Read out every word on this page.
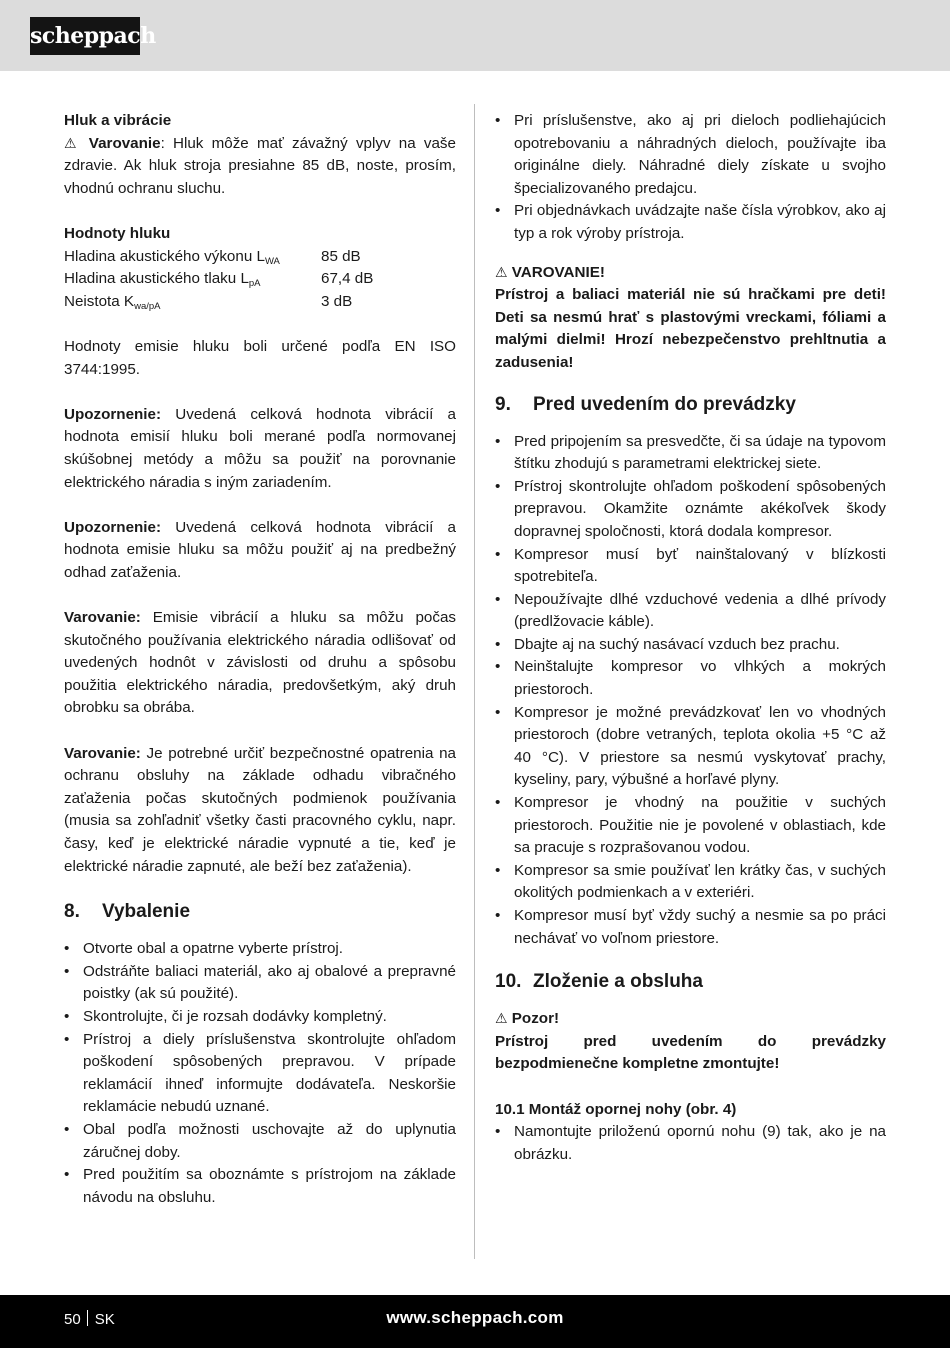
scheppach

Hluk a vibrácie

⚠ Varovanie: Hluk môže mať závažný vplyv na vaše zdravie. Ak hluk stroja presiahne 85 dB, noste, prosím, vhodnú ochranu sluchu.

Hodnoty hluku

Hladina akustického výkonu $L_{WA}$	85 dB
Hladina akustického tlaku $L_{pA}$	67,4 dB
Neistota $K_{wa/pA}$	3 dB

Hodnoty emisie hluku boli určené podľa EN ISO 3744:1995.

Upozornenie: Uvedená celková hodnota vibrácií a hodnota emisií hluku boli merané podľa normovanej skúšobnej metódy a môžu sa použiť na porovnanie elektrického náradia s iným zariadením.

Upozornenie: Uvedená celková hodnota vibrácií a hodnota emisie hluku sa môžu použiť aj na predbežný odhad zaťaženia.

Varovanie: Emisie vibrácií a hluku sa môžu počas skutočného používania elektrického náradia odlišovať od uvedených hodnôt v závislosti od druhu a spôsobu použitia elektrického náradia, predovšetkým, aký druh obrobku sa obrába.

Varovanie: Je potrebné určiť bezpečnostné opatrenia na ochranu obsluhy na základe odhadu vibračného zaťaženia počas skutočných podmienok používania (musia sa zohľadniť všetky časti pracovného cyklu, napr. časy, keď je elektrické náradie vypnuté a tie, keď je elektrické náradie zapnuté, ale beží bez zaťaženia).

8. Vybalenie
• Otvorte obal a opatrne vyberte prístroj.
• Odstráňte baliaci materiál, ako aj obalové a prepravné poistky (ak sú použité).
• Skontrolujte, či je rozsah dodávky kompletný.
• Prístroj a diely príslušenstva skontrolujte ohľadom poškodení spôsobených prepravou. V prípade reklamácií ihneď informujte dodávateľa. Neskoršie reklamácie nebudú uznané.
• Obal podľa možnosti uschovajte až do uplynutia záručnej doby.
• Pred použitím sa oboznámte s prístrojom na základe návodu na obsluhu.
• Pri príslušenstve, ako aj pri dieloch podliehajúcich opotrebovaniu a náhradných dieloch, používajte iba originálne diely. Náhradné diely získate u svojho špecializovaného predajcu.
• Pri objednávkach uvádzajte naše čísla výrobkov, ako aj typ a rok výroby prístroja.

⚠ VAROVANIE!

Prístroj a baliaci materiál nie sú hračkami pre deti! Deti sa nesmú hrať s plastovými vreckami, fóliami a malými dielmi! Hrozí nebezpečenstvo prehltnutia a zadusenia!

9. Pred uvedením do prevádzky
• Pred pripojením sa presvedčte, či sa údaje na typovom štítku zhodujú s parametrami elektrickej siete.
• Prístroj skontrolujte ohľadom poškodení spôsobených prepravou. Okamžite oznámte akékoľvek škody dopravnej spoločnosti, ktorá dodala kompresor.
• Kompresor musí byť nainštalovaný v blízkosti spotrebiteľa.
• Nepoužívajte dlhé vzduchové vedenia a dlhé prívody (predlžovacie káble).
• Dbajte aj na suchý nasávací vzduch bez prachu.
• Neinštalujte kompresor vo vlhkých a mokrých priestoroch.
• Kompresor je možné prevádzkovať len vo vhodných priestoroch (dobre vetraných, teplota okolia +5 °C až 40 °C). V priestore sa nesmú vyskytovať prachy, kyseliny, pary, výbušné a horľavé plyny.
• Kompresor je vhodný na použitie v suchých priestoroch. Použitie nie je povolené v oblastiach, kde sa pracuje s rozprašovanou vodou.
• Kompresor sa smie používať len krátky čas, v suchých okolitých podmienkach a v exteriéri.
• Kompresor musí byť vždy suchý a nesmie sa po práci nechávať vo voľnom priestore.
10. Zloženie a obsluha

⚠ Pozor!

Prístroj pred uvedením do prevádzky bezpodmienečne kompletne zmontujte!

10.1 Montáž opornej nohy (obr. 4)

• Namontujte priloženú opornú nohu (9) tak, ako je na obrázku.
50 SK	www.scheppach.com
